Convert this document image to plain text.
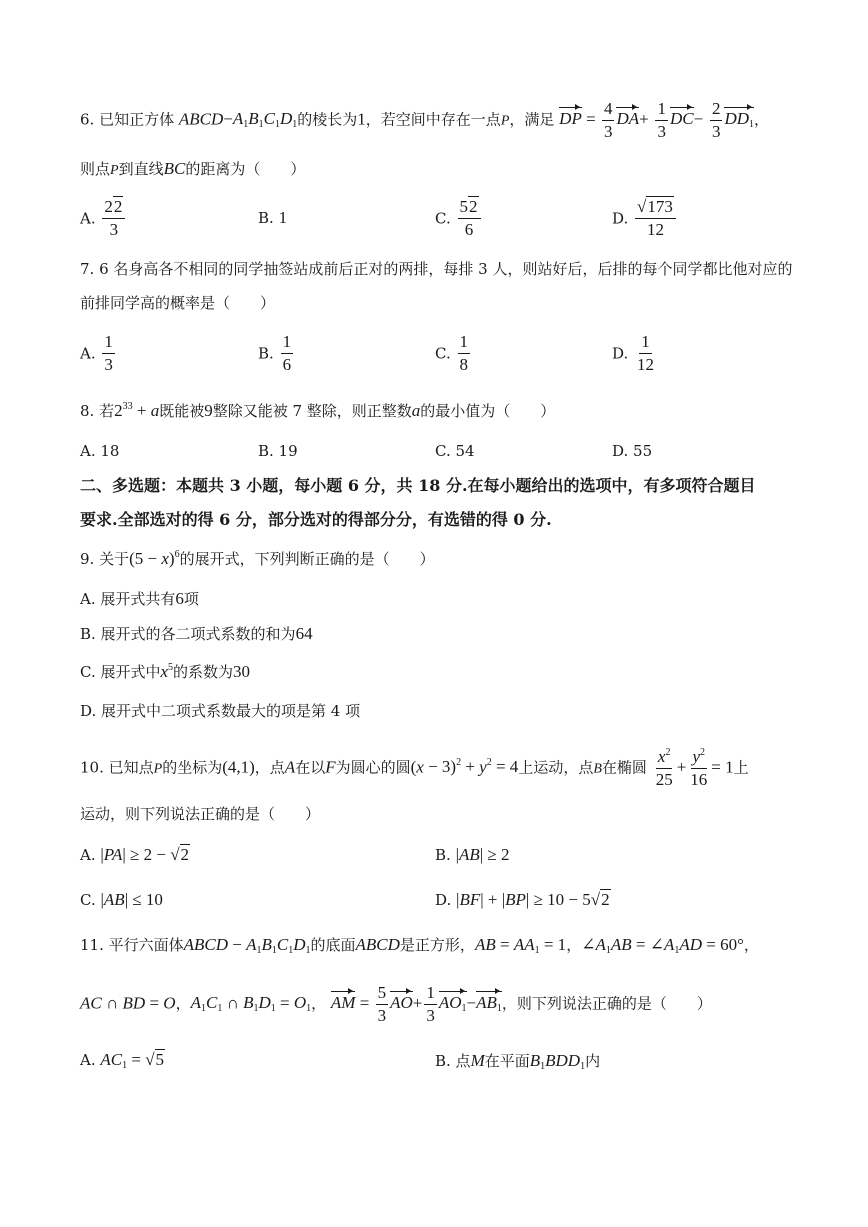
6. 已知正方体 $ABCD-A_1B_1C_1D_1$的棱长为1，若空间中存在一点P，满足 DP = $\frac{4}{3} DA+ \frac{1}{3} DC- \frac{2}{3} DD_1$，
则点P到直线BC的距离为（　　）
A. $\frac{22}{3}$	B. 1	C. $\frac{52}{6}$	D. $\frac{√173}{12}$
7. 6 名身高各不相同的同学抽签站成前后正对的两排，每排 3 人，则站好后，后排的每个同学都比他对应的
前排同学高的概率是（　　）
A. $\frac{1}{3}$	B. $\frac{1}{6}$	C. $\frac{1}{8}$	D. $\frac{1}{12}$
8. 若$2^{33} + a$既能被9整除又能被 7 整除，则正整数a的最小值为（　　）
A. 18	B. 19	C. 54	D. 55
二、多选题：本题共 3 小题，每小题 6 分，共 18 分.在每小题给出的选项中，有多项符合题目
要求.全部选对的得 6 分，部分选对的得部分分，有选错的得 0 分.
9. 关于$(5 - x)^6$的展开式，下列判断正确的是（　　）
A. 展开式共有6项
B. 展开式的各二项式系数的和为64
C. 展开式中$x^5$的系数为30
D. 展开式中二项式系数最大的项是第 4 项
10. 已知点P的坐标为(4,1)，点A在以F为圆心的圆$(x - 3)^2 + y^2 = 4$上运动，点B在椭圆 $\frac{x^2}{25} + \frac{y^2}{16} = 1$上
运动，则下列说法正确的是（　　）
A. |PA| ≥ 2 − √2	B. |AB| ≥ 2
C. |AB| ≤ 10	D. |BF| + |BP| ≥ 10 − 5√2
11. 平行六面体ABCD − $A_1B_1C_1D_1$的底面ABCD是正方形，AB = $AA_1 = 1$，$\angle A_1AB$ = $\angle A_1AD = 60^\circ$，
AC ∩ BD = O，$A_1C_1$ ∩ $B_1D_1 = O_1$， AM = $\frac{5}{3} AO+ \frac{1}{3} AO_1-AB_1$，则下列说法正确的是（　　）
A. $AC_1 = √5$	B. 点M在平面$B_1BDD_1$内
